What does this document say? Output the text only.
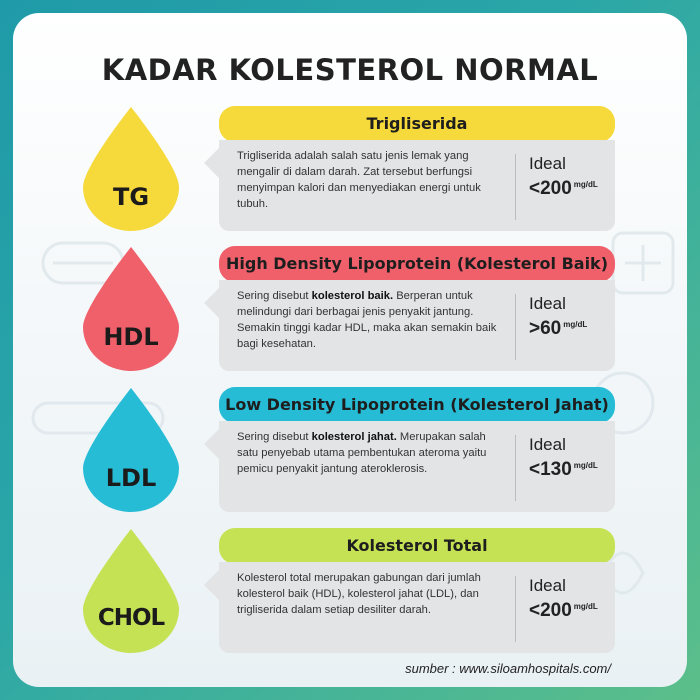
KADAR KOLESTEROL NORMAL
TG
Trigliserida
Trigliserida adalah salah satu jenis lemak yang mengalir di dalam darah. Zat tersebut berfungsi menyimpan kalori dan menyediakan energi untuk tubuh.
Ideal
<200 $^{mg/dL}$
HDL
High Density Lipoprotein (Kolesterol Baik)
Sering disebut kolesterol baik. Berperan untuk melindungi dari berbagai jenis penyakit jantung. Semakin tinggi kadar HDL, maka akan semakin baik bagi kesehatan.
Ideal
>60 $^{mg/dL}$
LDL
Low Density Lipoprotein (Kolesterol Jahat)
Sering disebut kolesterol jahat. Merupakan salah satu penyebab utama pembentukan ateroma yaitu pemicu penyakit jantung ateroklerosis.
Ideal
<130 $^{mg/dL}$
CHOL
Kolesterol Total
Kolesterol total merupakan gabungan dari jumlah kolesterol baik (HDL), kolesterol jahat (LDL), dan trigliserida dalam setiap desiliter darah.
Ideal
<200 $^{mg/dL}$
sumber : www.siloamhospitals.com/
